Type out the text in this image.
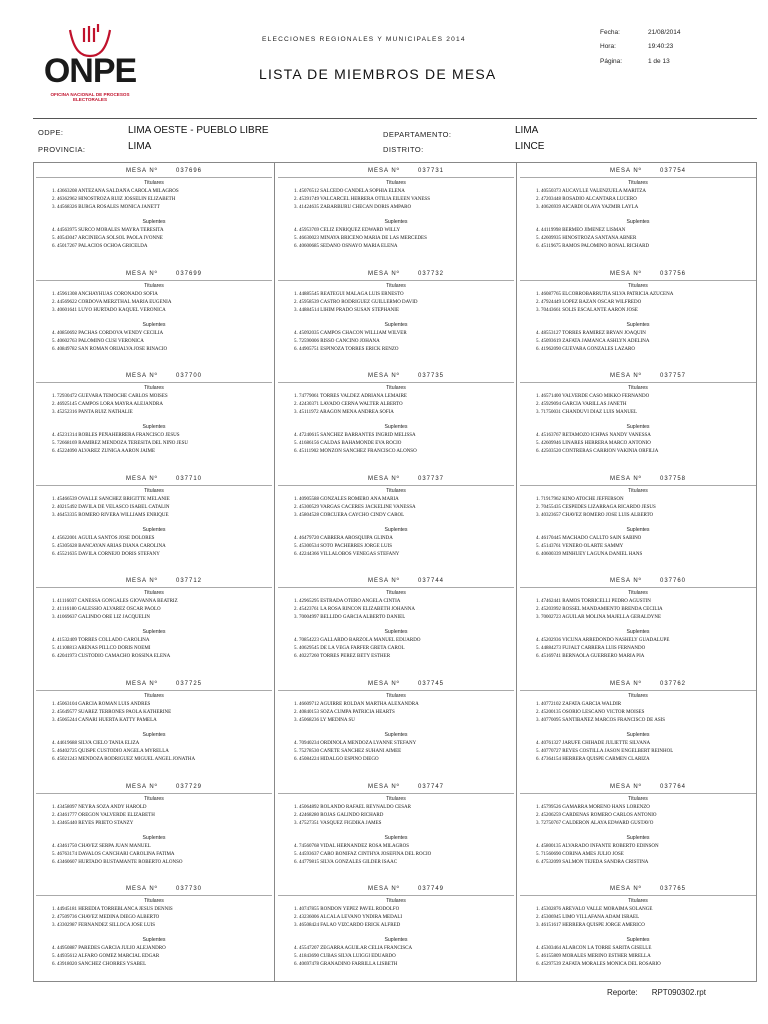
ONPE
OFICINA NACIONAL DE PROCESOS ELECTORALES
ELECCIONES REGIONALES Y MUNICIPALES 2014
LISTA DE MIEMBROS DE MESA
Fecha:	21/08/2014
Hora:	19:40:23
Página:	1 de 13
ODPE:	LIMA OESTE - PUEBLO LIBRE
PROVINCIA:	LIMA
DEPARTAMENTO:	LIMA
DISTRITO:	LINCE
MESA Nº	037696
Titulares
1. 43663208 ANTEZANA SALDAÑA CAROLA MILAGROS
2. 46362962 HINOSTROZA RUIZ JOSSELIN ELIZABETH
3. 44568326 BURGA ROSALES MONICA JANETT
Suplentes
4. 44563975 SURCO MORALES MAYRA TERESITA
5. 40543047 ARCINIEGA SOLSOL PAOLA IVONNE
6. 45017267 PALACIOS OCHOA GRICELDA
MESA Nº	037699
Titulares
1. 45961308 ANCHAYHUAS CORONADO SOFIA
2. 44569622 CORDOVA MERZTHAL MARIA EUGENIA
3. 40601641 LUYO HURTADO KAQUEL VERONICA
Suplentes
4. 40850692 PACHAS CORDOVA WENDY CECILIA
5. 40602763 PALOMINO CUSI VERONICA
6. 40849782 SAN ROMAN ORIJALVA JOSE RINACIO
MESA Nº	037700
Titulares
1. 72930472 GUEVARA TEMOCHE CARLOS MOISES
2. 46925145 CAMPOS LORA MAYRA ALEJANDRA
3. 45252316 PANTA RUIZ NATHALIE
Suplentes
4. 45231314 ROBLES PEÑAHERRERA FRANCISCO JESUS
5. 72668169 RAMIREZ MENDOZA TERESITA DEL NIÑO JESU
6. 45224090 ALVAREZ ZUNIGA AARON JAIME
MESA Nº	037710
Titulares
1. 45466539 OVALLE SANCHEZ BRIGITTE MELANIE
2. 40215492 DAVILA DE VELASCO ISABEL CATALIN
3. 46453335 ROMERO RIVERA WILLIAMS ENRIQUE
Suplentes
4. 45622001 AGUILA SANTOS JOSE DOLORES
5. 45305628 BANCAYAN ARIAS DIANA CAROLINA
6. 45521635 DAVILA CORNEJO DORIS STEFANY
MESA Nº	037712
Titulares
1. 41116037 CANESSA GONGALES GIOVANNA BEATRIZ
2. 41116180 GALESSIO ALVAREZ OSCAR PAOLO
3. 41069637 GALINDO ORE LIZ JACQUELIN
Suplentes
4. 41532409 TORRES COLLADO CAROLINA
5. 41108813 ARENAS PILLCO DORIS NOEMI
6. 42041973 CUSTODIO CAMACHO ROSSINA ELENA
MESA Nº	037725
Titulares
1. 45063104 GARCIA ROMAN LUIS ANDRES
2. 45649577 SUAREZ TERRONES PAOLA KATHERINE
3. 45065244 CAÑARI HUERTA KATTY PAMELA
Suplentes
4. 44619688 SILVA CIELO TANIA ELIZA
5. 46402725 QUISPE CUSTODIO ANGELA MYRELLA
6. 45021243 MENDOZA RODRIGUEZ MIGUEL ANGEL JONATHA
MESA Nº	037729
Titulares
1. 43458097 NEYRA SOZA ANDY HAROLD
2. 43461777 OREGON VALVERDE ELIZABETH
3. 43465440 REYES PRIETO STANZY
Suplentes
4. 43461750 CHAVEZ SERPA JUAN MANUEL
5. 46763174 DAVALOS CANCHARI CAROLINA FATIMA
6. 43460607 HURTADO BUSTAMANTE ROBERTO ALONSO
MESA Nº	037730
Titulares
1. 44945181 HEREDIA TORREBLANCA JESUS DENNIS
2. 47509736 CHAVEZ MEDINA DIEGO ALBERTO
3. 43302987 FERNANDEZ SILLOCA JOSE LUIS
Suplentes
4. 44950887 PAREDES GARCIA JULIO ALEJANDRO
5. 44935612 ALFARO GOMEZ MARCIAL EDGAR
6. 43918020 SANCHEZ CHORRES YSABEL
MESA Nº	037731
Titulares
1. 45076512 SALCEDO CANDELA SOPHIA ELENA
2. 45391749 VALCARCEL HERRERA OTILIA EILEEN VANESS
3. 41424635 ZABARBURU CHECAN DORIS AMPARO
Suplentes
4. 45953769 CELIZ ENRIQUEZ EDWARD WILLY
5. 46630023 MINAYA BRICENO MARIA DE LAS MERCEDES
6. 40600685 SEDANO OSNAYO MARIA ELENA
MESA Nº	037732
Titulares
1. 44885545 REATEGUI MALAGA LUIS ERNESTO
2. 45958539 CASTRO RODRIGUEZ GUILLERMO DAVID
3. 44884514 LIHIM PRADO SUSAN STEPHANIE
Suplentes
4. 45092035 CAMPOS CHACON WILLIAM WILVER
5. 72590006 RISSO CANCINO JOHANA
6. 44905751 ESPINOZA TORRES ERICK RENZO
MESA Nº	037735
Titulares
1. 74779061 TORRES VALDEZ ADRIANA LEMAIRE
2. 42430371 LAVADO CERNA WALTER ALBERTO
3. 45111972 ARAGON MENA ANDREA SOFIA
Suplentes
4. 47240615 SANCHEZ BARRANTES INGRID MELISSA
5. 41686156 CALDAS BAHAMONDE EVA ROCIO
6. 45111902 MONZON SANCHEZ FRANCISCO ALONSO
MESA Nº	037737
Titulares
1. 40905588 GONZALES ROMERO ANA MARIA
2. 45300529 VARGAS CACERES JACKELINE VANESSA
3. 45804528 CORCUERA CAYCHO CINDY CAROL
Suplentes
4. 46479720 CABRERA AROSQUIPA GLINDA
5. 45300534 SOTO PACHERRES JORGE LUIS
6. 42244366 VILLALOBOS VENEGAS STEFANY
MESA Nº	037744
Titulares
1. 42965295 ESTRADA OTERO ANGELA CINTIA
2. 45423761 LA ROSA RINCON ELIZABETH JOHANNA
3. 70004997 BELLIDO GARCIA ALBERTO DANIEL
Suplentes
4. 70854223 GALLARDO BARZOLA MANUEL EDUARDO
5. 40629545 DE LA VEGA FARFER GRETA CAROL
6. 40227260 TORRES PEREZ BETY ESTHER
MESA Nº	037745
Titulares
1. 46609712 AGUIRRE ROLDAN MARTHA ALEXANDRA
2. 40840153 SOZA CUMPA PATRICIA HEARTS
3. 45068236 LY MEDINA SU
Suplentes
4. 70940234 ORDINOLA MENDOZA LYANNE STEFANY
5. 75278530 CAÑETE SANCHEZ SUHANI AIMEE
6. 45084224 HIDALGO ESPINO DIEGO
MESA Nº	037747
Titulares
1. 45064892 ROLANDO RAFAEL REYNALDO CESAR
2. 42468280 ROJAS GALINDO RICHARD
3. 47527351 VASQUEZ FIGDIKA JAMES
Suplentes
4. 74560768 VIDAL HERNANDEZ ROSA MILAGROS
5. 44593637 CARO BONIFAZ CINTHYA JOSEFINA DEL ROCIO
6. 44779815 SILVA GONZALES GILDER ISAAC
MESA Nº	037749
Titulares
1. 40747855 RONDON YEPEZ PAVEL RODOLFO
2. 43236006 ALCALA LEVANO YNDIRA MEDALI
3. 46508424 FALAO VIZCARDO ERICK ALFRED
Suplentes
4. 45547207 ZEGARRA AGUILAR CELIA FRANCISCA
5. 41843690 CUBAS SILVA LUIGGI EDUARDO
6. 40697478 GRANADINO FARRILLA LISBETH
MESA Nº	037754
Titulares
1. 40550373 AUCAYLLE VALENZUELA MARITZA
2. 47203448 ROSADIO ALCANTARA LUCERO
3. 40626939 AICARDI OLAYA YAZMIR LAYLA
Suplentes
4. 44119998 BERMEO JIMENEZ LISMAN
5. 42609935 HINOSTROZA SANTANA ABNER
6. 45119675 RAMOS PALOMINO RONAL RICHARD
MESA Nº	037756
Titulares
1. 46087765 ELCORROBARRUTIA SILVA PATRICIA AZUCENA
2. 47924449 LOPEZ BAZAN OSCAR WILFREDO
3. 70443661 SOLIS ESCALANTE AARON JOSE
Suplentes
4. 48553127 TORRES RAMIREZ BRYAN JOAQUIN
5. 45093619 ZAFATA JAMANCA ASHLYN ADELINA
6. 41962090 GUEVARA GONZALES LAZARO
MESA Nº	037757
Titulares
1. 46571400 VALVERDE CASO MIKKO FERNANDO
2. 45929094 GARCIA VARILLAS JANETH
3. 71750031 CHANDUVI DIAZ LUIS MANUEL
Suplentes
4. 45163767 RETAMOZO ICHPAS NANDY VANESSA
5. 42609946 LINARES HERRERA MARCO ANTONIO
6. 42503520 CONTRERAS CARRION VAKINIA ORFILIA
MESA Nº	037758
Titulares
1. 71917962 KINO ATOCHE JEFFERSON
2. 70455435 CESPEDES LIZARRAGA RICARDO JESUS
3. 40323657 CHAVEZ ROMERO JOSE LUIS ALBERTO
Suplentes
4. 46170445 MACHADO CALLTO SAIN SABINO
5. 45143761 VENERO OLARTE SAMMY
6. 40600339 MINHUEY LAGUNA DANIEL HANS
MESA Nº	037760
Titulares
1. 47462441 RAMOS TORRICELLI PEDRO AGUSTIN
2. 45203992 ROSSEL MANDAMIENTO BRENDA CECILIA
3. 70002723 AGUILAR MOLINA MAJELLA GERALDYNE
Suplentes
4. 45202936 VICUNA ARREDONDO NASHELY GUADALUPE
5. 44884273 FUJALT CARRERA LUIS FERNANDO
6. 45169741 BERNAOLA GUERRERO MARIA PIA
MESA Nº	037762
Titulares
1. 40772102 ZAFATA GARCIA WALDIR
2. 45200135 OSORIO LESCANO VICTOR MOISES
3. 40770095 SANTIBAÑEZ MARCOS FRANCISCO DE ASIS
Suplentes
4. 40761327 JARUFE CHIHADE JULIETTE SILVANA
5. 40770727 REYES COSTILLA JASON ENGELBERT REINHOL
6. 47364154 HERRERA QUISPE CARMEN CLARIZA
MESA Nº	037764
Titulares
1. 45799526 GAMARRA MORENO HANS LORENZO
2. 45206259 CARDENAS ROMERO CARLOS ANTONIO
3. 72750767 CALDERON ALAYA EDWARD GUSTAVO
Suplentes
4. 45800135 ALVARADO INFANTE ROBERTO EDINSON
5. 71560690 CORINA AMES JULIO JOSE
6. 47532099 SALMON TEJEDA SANDRA CRISTINA
MESA Nº	037765
Titulares
1. 45302876 AREVALO VALLE MORAIMA SOLANGE
2. 45306945 LIMO VILLAFANA ADAM ISRAEL
3. 46151617 HERRERA QUISPE JORGE AMERICO
Suplentes
4. 45303464 ALARCON LA TORRE SARITA GISELLE
5. 46155809 MORALES MERINO ESTHER MIRELLA
6. 45297539 ZAFATA MORALES MONICA DEL ROSARIO
Reporte: RPT090302.rpt
